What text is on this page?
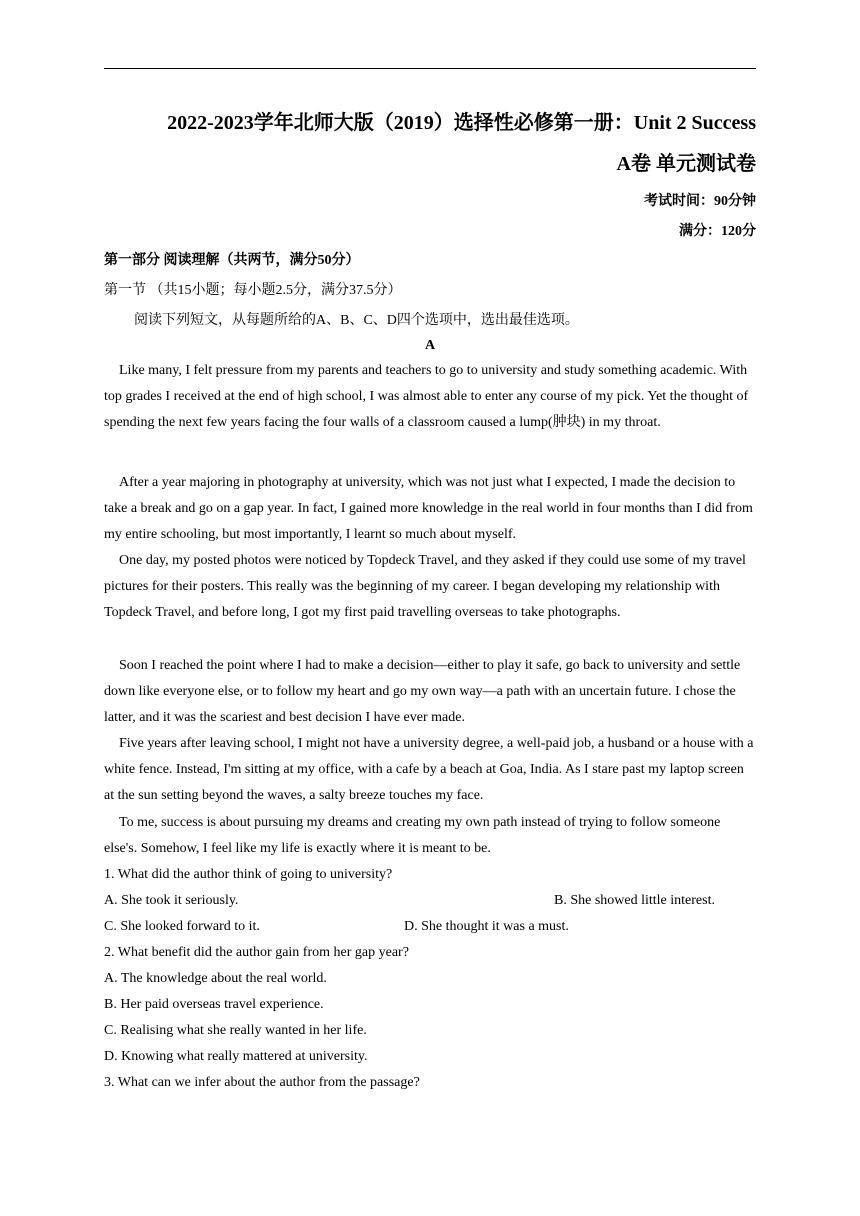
2022-2023学年北师大版（2019）选择性必修第一册：Unit 2 Success
A卷 单元测试卷
考试时间：90分钟
满分：120分
第一部分 阅读理解（共两节，满分50分）
第一节 （共15小题；每小题2.5分，满分37.5分）
阅读下列短文，从每题所给的A、B、C、D四个选项中，选出最佳选项。
A

Like many, I felt pressure from my parents and teachers to go to university and study something academic. With top grades I received at the end of high school, I was almost able to enter any course of my pick. Yet the thought of spending the next few years facing the four walls of a classroom caused a lump(肿块) in my throat.

After a year majoring in photography at university, which was not just what I expected, I made the decision to take a break and go on a gap year. In fact, I gained more knowledge in the real world in four months than I did from my entire schooling, but most importantly, I learnt so much about myself.

One day, my posted photos were noticed by Topdeck Travel, and they asked if they could use some of my travel pictures for their posters. This really was the beginning of my career. I began developing my relationship with Topdeck Travel, and before long, I got my first paid travelling overseas to take photographs.

Soon I reached the point where I had to make a decision—either to play it safe, go back to university and settle down like everyone else, or to follow my heart and go my own way—a path with an uncertain future. I chose the latter, and it was the scariest and best decision I have ever made.

Five years after leaving school, I might not have a university degree, a well-paid job, a husband or a house with a white fence. Instead, I'm sitting at my office, with a cafe by a beach at Goa, India. As I stare past my laptop screen at the sun setting beyond the waves, a salty breeze touches my face.

To me, success is about pursuing my dreams and creating my own path instead of trying to follow someone else's. Somehow, I feel like my life is exactly where it is meant to be.

1. What did the author think of going to university?
A. She took it seriously.	B. She showed little interest.
C. She looked forward to it.	D. She thought it was a must.
2. What benefit did the author gain from her gap year?
A. The knowledge about the real world.
B. Her paid overseas travel experience.
C. Realising what she really wanted in her life.
D. Knowing what really mattered at university.
3. What can we infer about the author from the passage?
